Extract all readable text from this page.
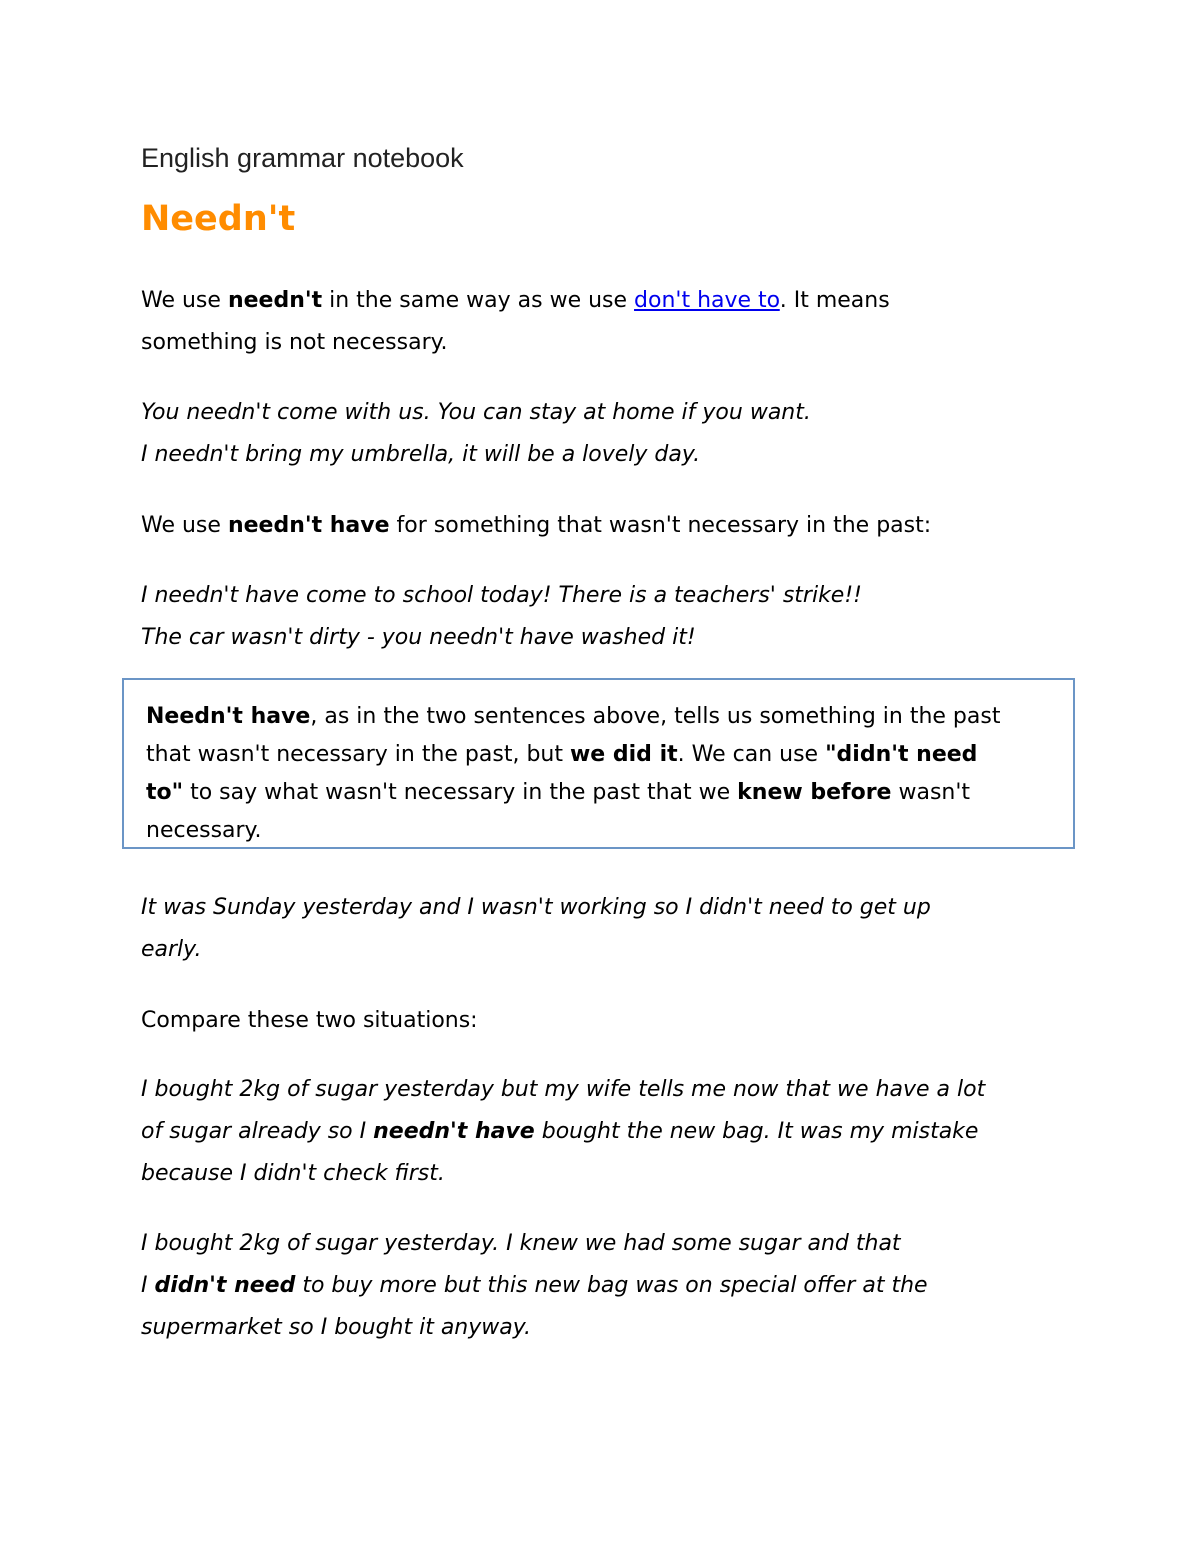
English grammar notebook
Needn't
We use needn't in the same way as we use don't have to. It means
something is not necessary.
You needn't come with us. You can stay at home if you want.
I needn't bring my umbrella, it will be a lovely day.
We use needn't have for something that wasn't necessary in the past:
I needn't have come to school today! There is a teachers' strike!!
The car wasn't dirty - you needn't have washed it!
Needn't have, as in the two sentences above, tells us something in the past
that wasn't necessary in the past, but we did it. We can use "didn't need
to" to say what wasn't necessary in the past that we knew before wasn't
necessary.
It was Sunday yesterday and I wasn't working so I didn't need to get up
early.
Compare these two situations:
I bought 2kg of sugar yesterday but my wife tells me now that we have a lot
of sugar already so I needn't have bought the new bag. It was my mistake
because I didn't check first.
I bought 2kg of sugar yesterday. I knew we had some sugar and that
I didn't need to buy more but this new bag was on special offer at the
supermarket so I bought it anyway.
